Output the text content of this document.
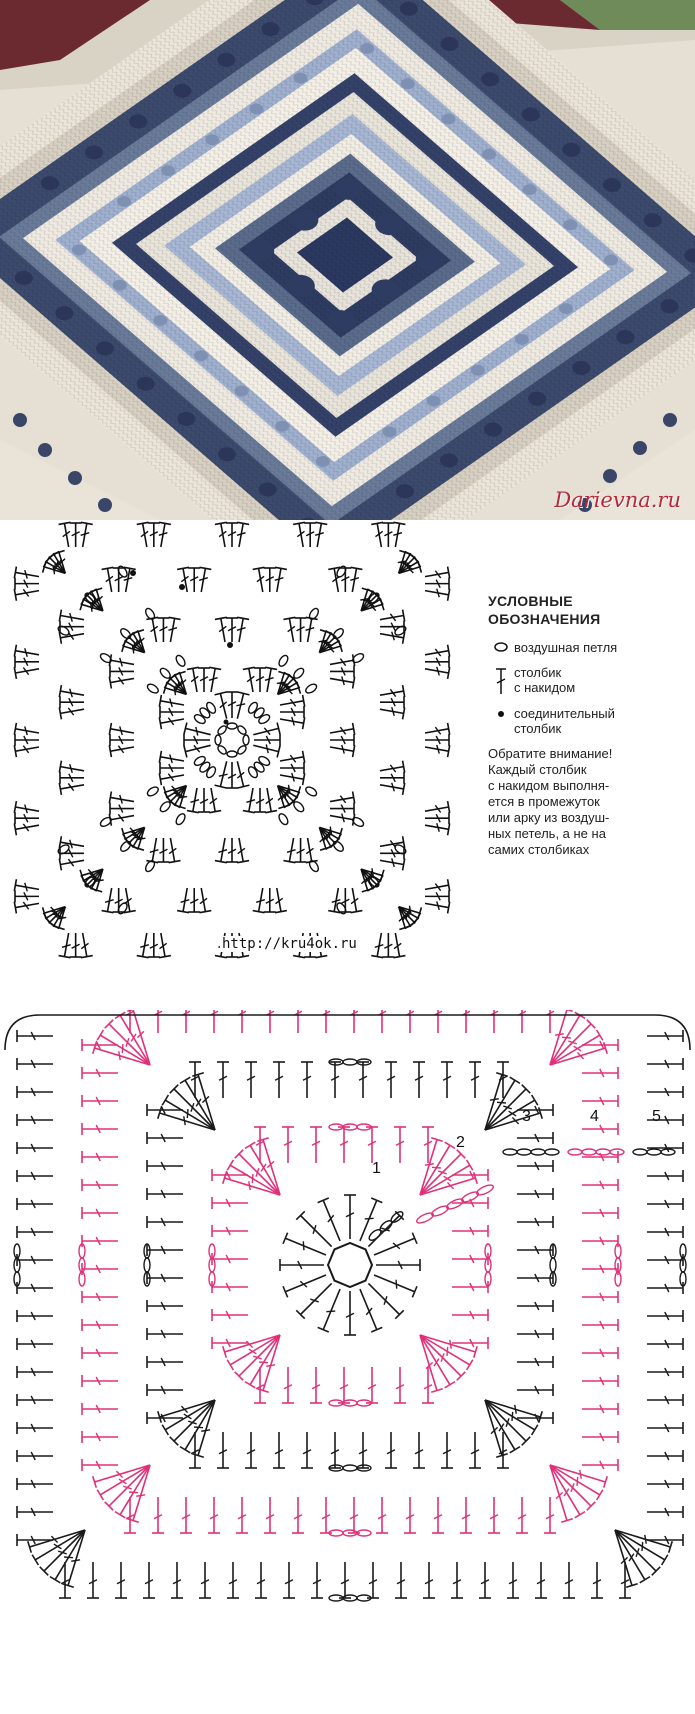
Darievna.ru
http://kru4ok.ru
УСЛОВНЫЕ
ОБОЗНАЧЕНИЯ
воздушная петля
столбик
с накидом
соединительный
столбик
Обратите внимание!
Каждый столбик
с накидом выполня-
ется в промежуток
или арку из воздуш-
ных петель, а не на
самих столбиках
1
2
3	4	5
